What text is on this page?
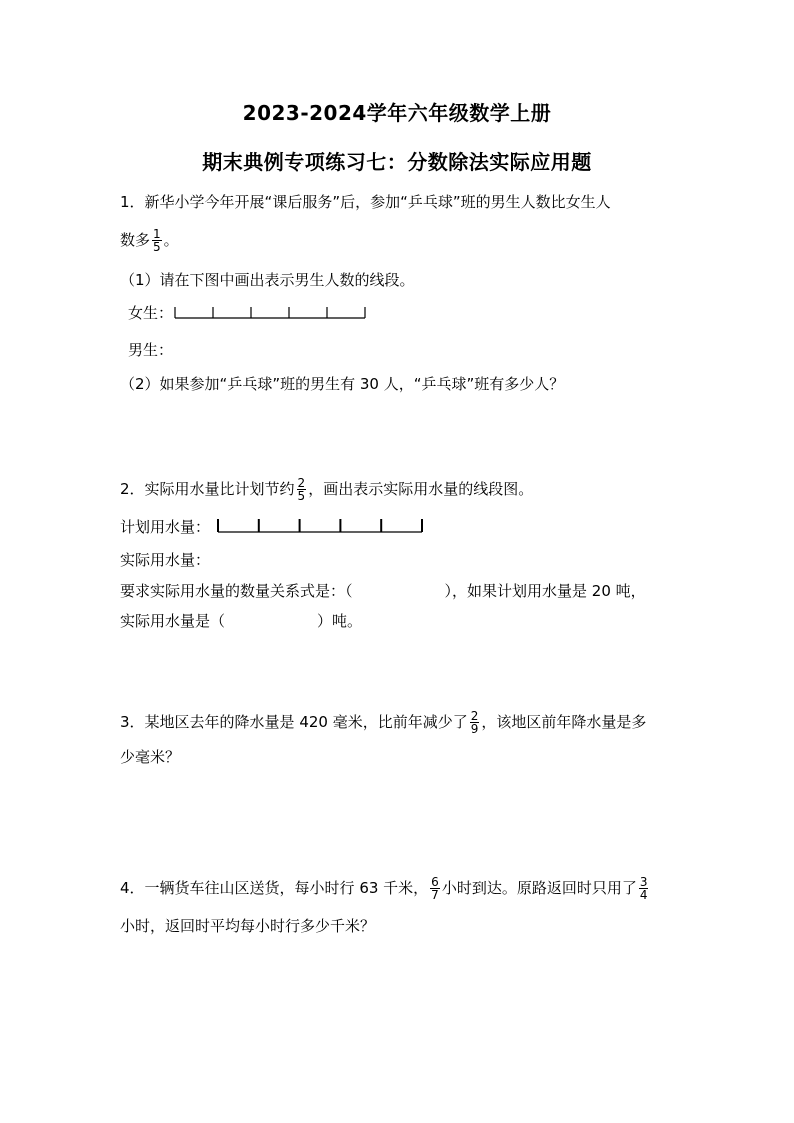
2023-2024学年六年级数学上册
期末典例专项练习七：分数除法实际应用题
1．新华小学今年开展“课后服务”后，参加“乒乓球”班的男生人数比女生人
数多 $\frac{1}{5}$ 。
（1）请在下图中画出表示男生人数的线段。
女生：
男生：
（2）如果参加“乒乓球”班的男生有 30 人，“乒乓球”班有多少人？
2．实际用水量比计划节约 $\frac{2}{5}$ ，画出表示实际用水量的线段图。
计划用水量：
实际用水量：
要求实际用水量的数量关系式是：（	），如果计划用水量是 20 吨，
实际用水量是（	）吨。
3．某地区去年的降水量是 420 毫米，比前年减少了 $\frac{2}{9}$ ，该地区前年降水量是多
少毫米？
4．一辆货车往山区送货，每小时行 63 千米， $\frac{6}{7}$ 小时到达。原路返回时只用了 $\frac{3}{4}$
小时，返回时平均每小时行多少千米？
